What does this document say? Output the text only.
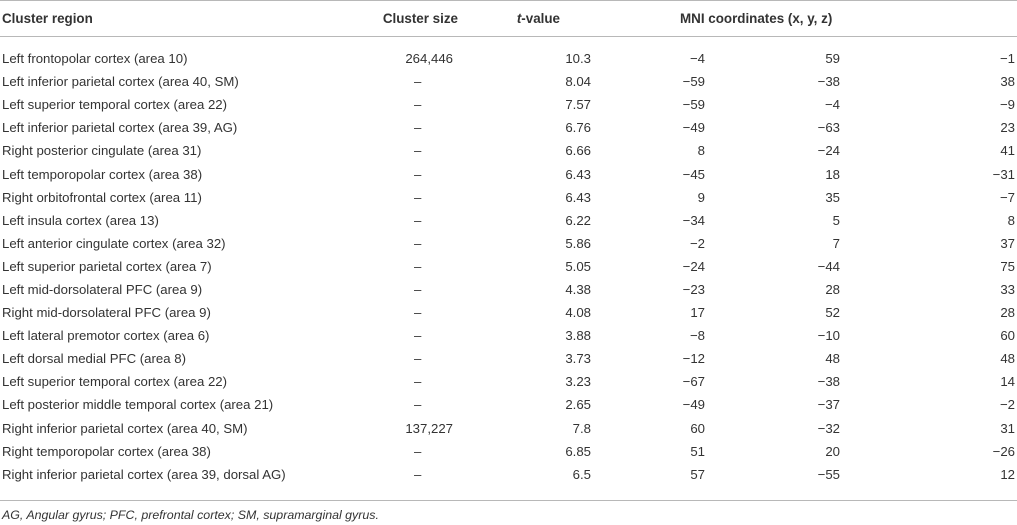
Cluster region	Cluster size	t-value	MNI coordinates (x, y, z)		
Left frontopolar cortex (area 10)	264,446	10.3	−4	59	−1
Left inferior parietal cortex (area 40, SM)	–	8.04	−59	−38	38
Left superior temporal cortex (area 22)	–	7.57	−59	−4	−9
Left inferior parietal cortex (area 39, AG)	–	6.76	−49	−63	23
Right posterior cingulate (area 31)	–	6.66	8	−24	41
Left temporopolar cortex (area 38)	–	6.43	−45	18	−31
Right orbitofrontal cortex (area 11)	–	6.43	9	35	−7
Left insula cortex (area 13)	–	6.22	−34	5	8
Left anterior cingulate cortex (area 32)	–	5.86	−2	7	37
Left superior parietal cortex (area 7)	–	5.05	−24	−44	75
Left mid-dorsolateral PFC (area 9)	–	4.38	−23	28	33
Right mid-dorsolateral PFC (area 9)	–	4.08	17	52	28
Left lateral premotor cortex (area 6)	–	3.88	−8	−10	60
Left dorsal medial PFC (area 8)	–	3.73	−12	48	48
Left superior temporal cortex (area 22)	–	3.23	−67	−38	14
Left posterior middle temporal cortex (area 21)	–	2.65	−49	−37	−2
Right inferior parietal cortex (area 40, SM)	137,227	7.8	60	−32	31
Right temporopolar cortex (area 38)	–	6.85	51	20	−26
Right inferior parietal cortex (area 39, dorsal AG)	–	6.5	57	−55	12
AG, Angular gyrus; PFC, prefrontal cortex; SM, supramarginal gyrus.
